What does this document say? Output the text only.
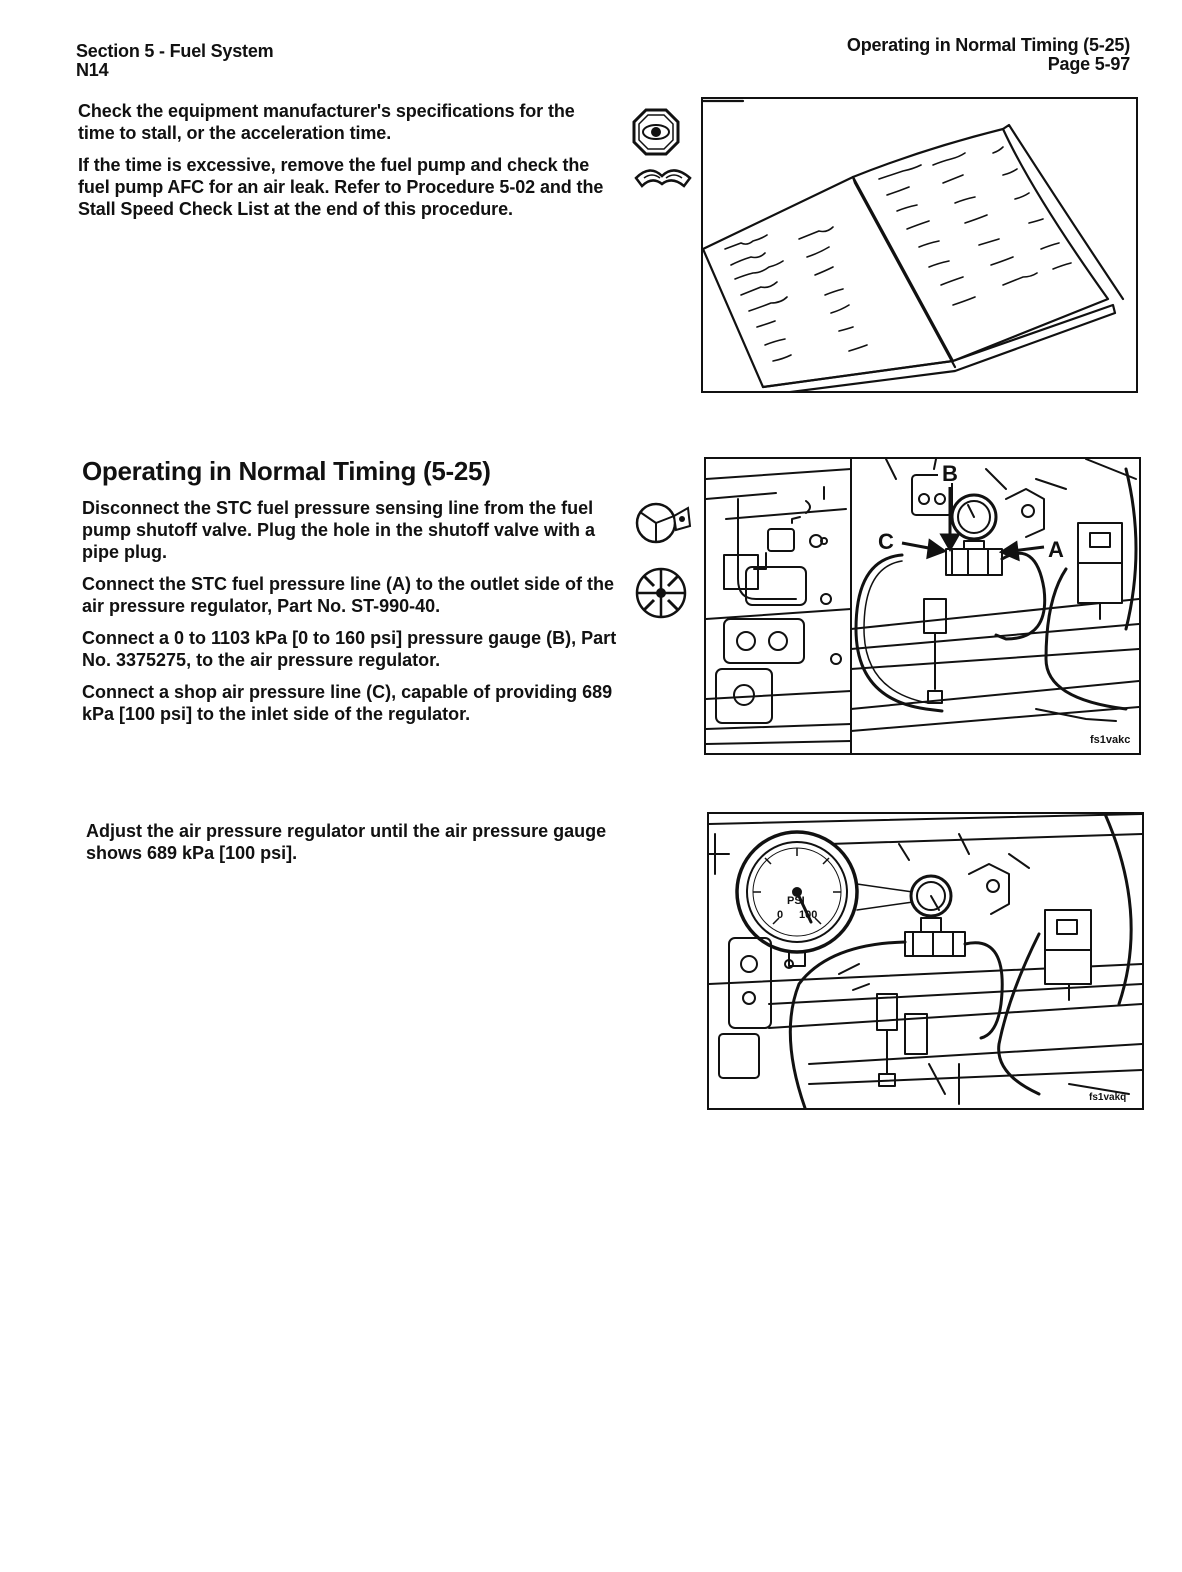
Section 5 - Fuel System
N14
Operating in Normal Timing (5-25)
Page 5-97

Check the equipment manufacturer's specifications for the time to stall, or the acceleration time.

If the time is excessive, remove the fuel pump and check the fuel pump AFC for an air leak. Refer to Procedure 5-02 and the Stall Speed Check List at the end of this procedure.

Operating in Normal Timing (5-25)

Disconnect the STC fuel pressure sensing line from the fuel pump shutoff valve. Plug the hole in the shutoff valve with a pipe plug.

Connect the STC fuel pressure line (A) to the outlet side of the air pressure regulator, Part No. ST-990-40.

Connect a 0 to 1103 kPa [0 to 160 psi] pressure gauge (B), Part No. 3375275, to the air pressure regulator.

Connect a shop air pressure line (C), capable of providing 689 kPa [100 psi] to the inlet side of the regulator.

B
C	A
fs1vakc

Adjust the air pressure regulator until the air pressure gauge shows 689 kPa [100 psi].

PSI
0 100
fs1vakq
